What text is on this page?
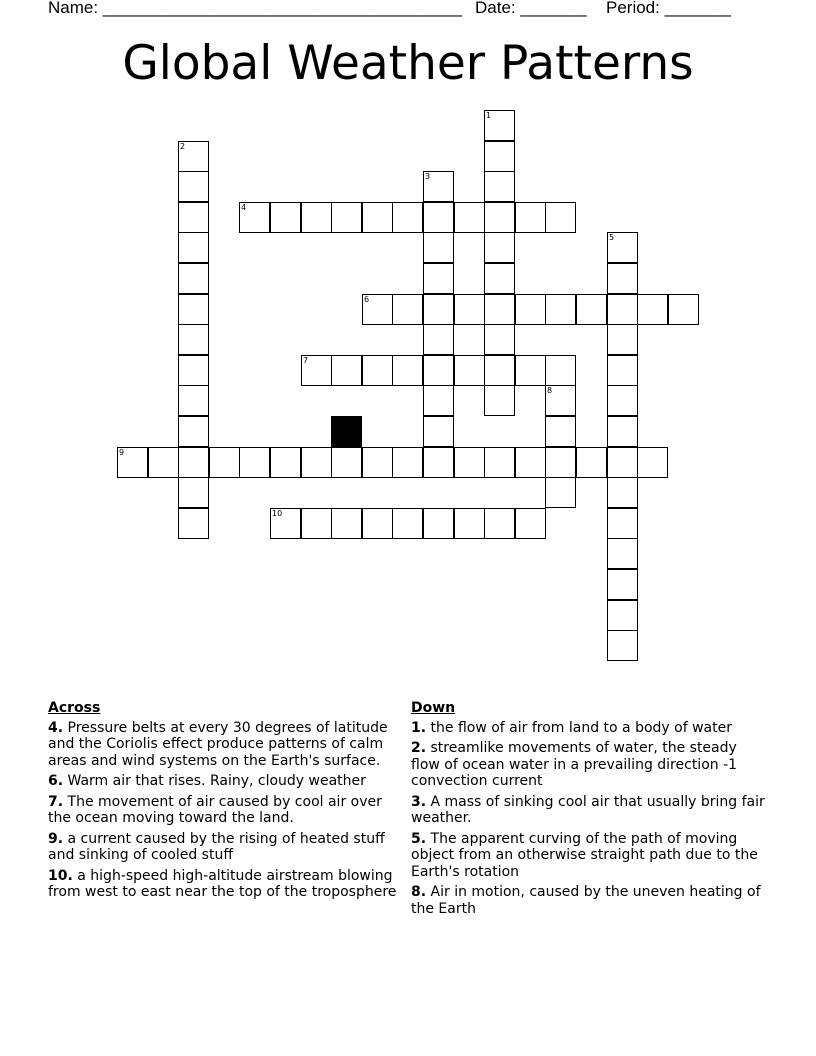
Name: ______________________________________ Date: _______ Period: _______
Global Weather Patterns
1
2
3
4
5
6
7
8
9
10
Across
4. Pressure belts at every 30 degrees of latitude and the Coriolis effect produce patterns of calm areas and wind systems on the Earth's surface.
6. Warm air that rises. Rainy, cloudy weather
7. The movement of air caused by cool air over the ocean moving toward the land.
9. a current caused by the rising of heated stuff and sinking of cooled stuff
10. a high-speed high-altitude airstream blowing from west to east near the top of the troposphere
Down
1. the flow of air from land to a body of water
2. streamlike movements of water, the steady flow of ocean water in a prevailing direction -1 convection current
3. A mass of sinking cool air that usually bring fair weather.
5. The apparent curving of the path of moving object from an otherwise straight path due to the Earth's rotation
8. Air in motion, caused by the uneven heating of the Earth
